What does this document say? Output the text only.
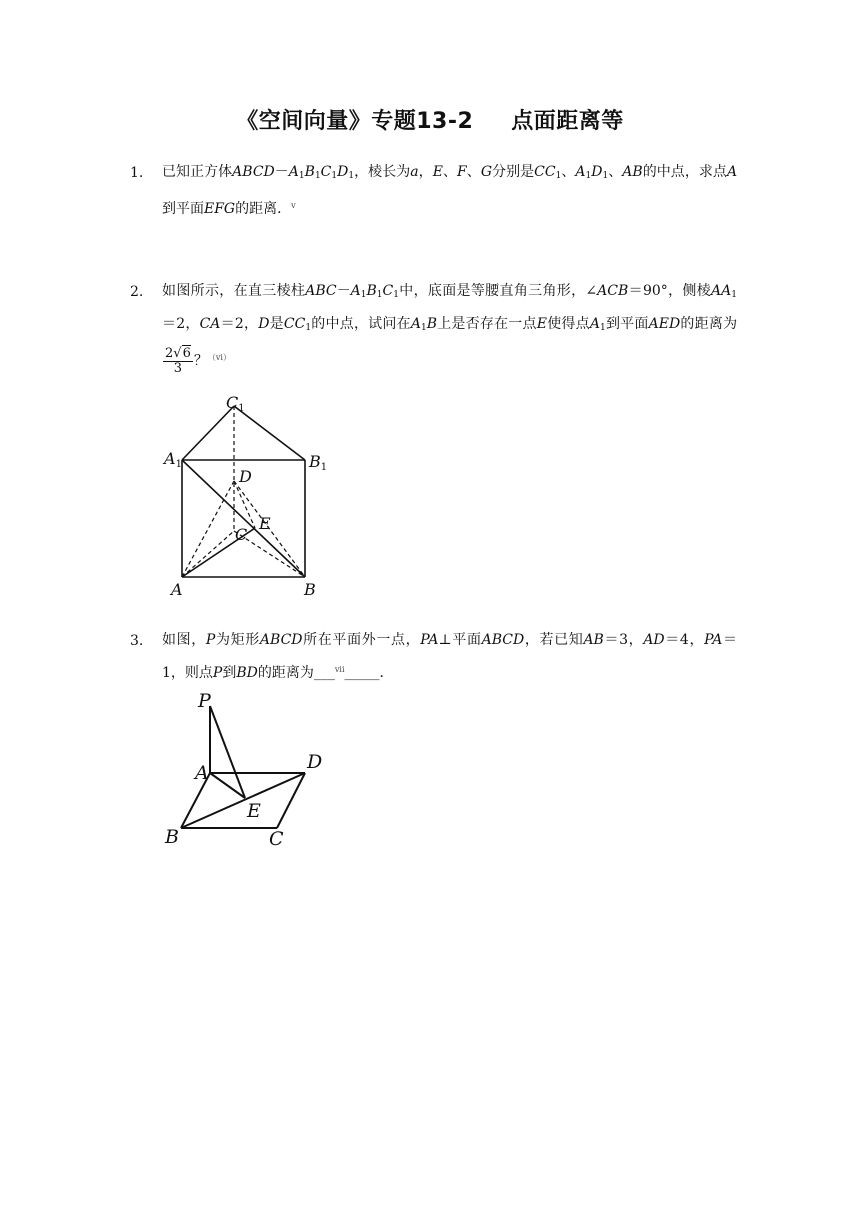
《空间向量》专题13-2 点面距离等
1. 已知正方体$ABCD-A_1B_1C_1D_1$，棱长为a，E、F、G分别是$CC_1$、$A_1D_1$、AB的中点，求点A到平面EFG的距离．$^v$
2. 如图所示，在直三棱柱$ABC-A_1B_1C_1$中，底面是等腰直角三角形，∠ACB＝90°，侧棱$AA_1=2$，CA＝2，D是$CC_1$的中点，试问在$A_1B$上是否存在一点E使得点$A_1$到平面AED的距离为
$\frac{2√6}{3}$ ？$^{(vi)}$
C1
A1	B1
D
E
C
A	B
3. 如图，P为矩形ABCD所在平面外一点，PA⊥平面ABCD，若已知AB＝3，AD＝4，PA＝1，则点P到BD的距离为___$^{vii}$_____．
P
A	D
E
B	C
